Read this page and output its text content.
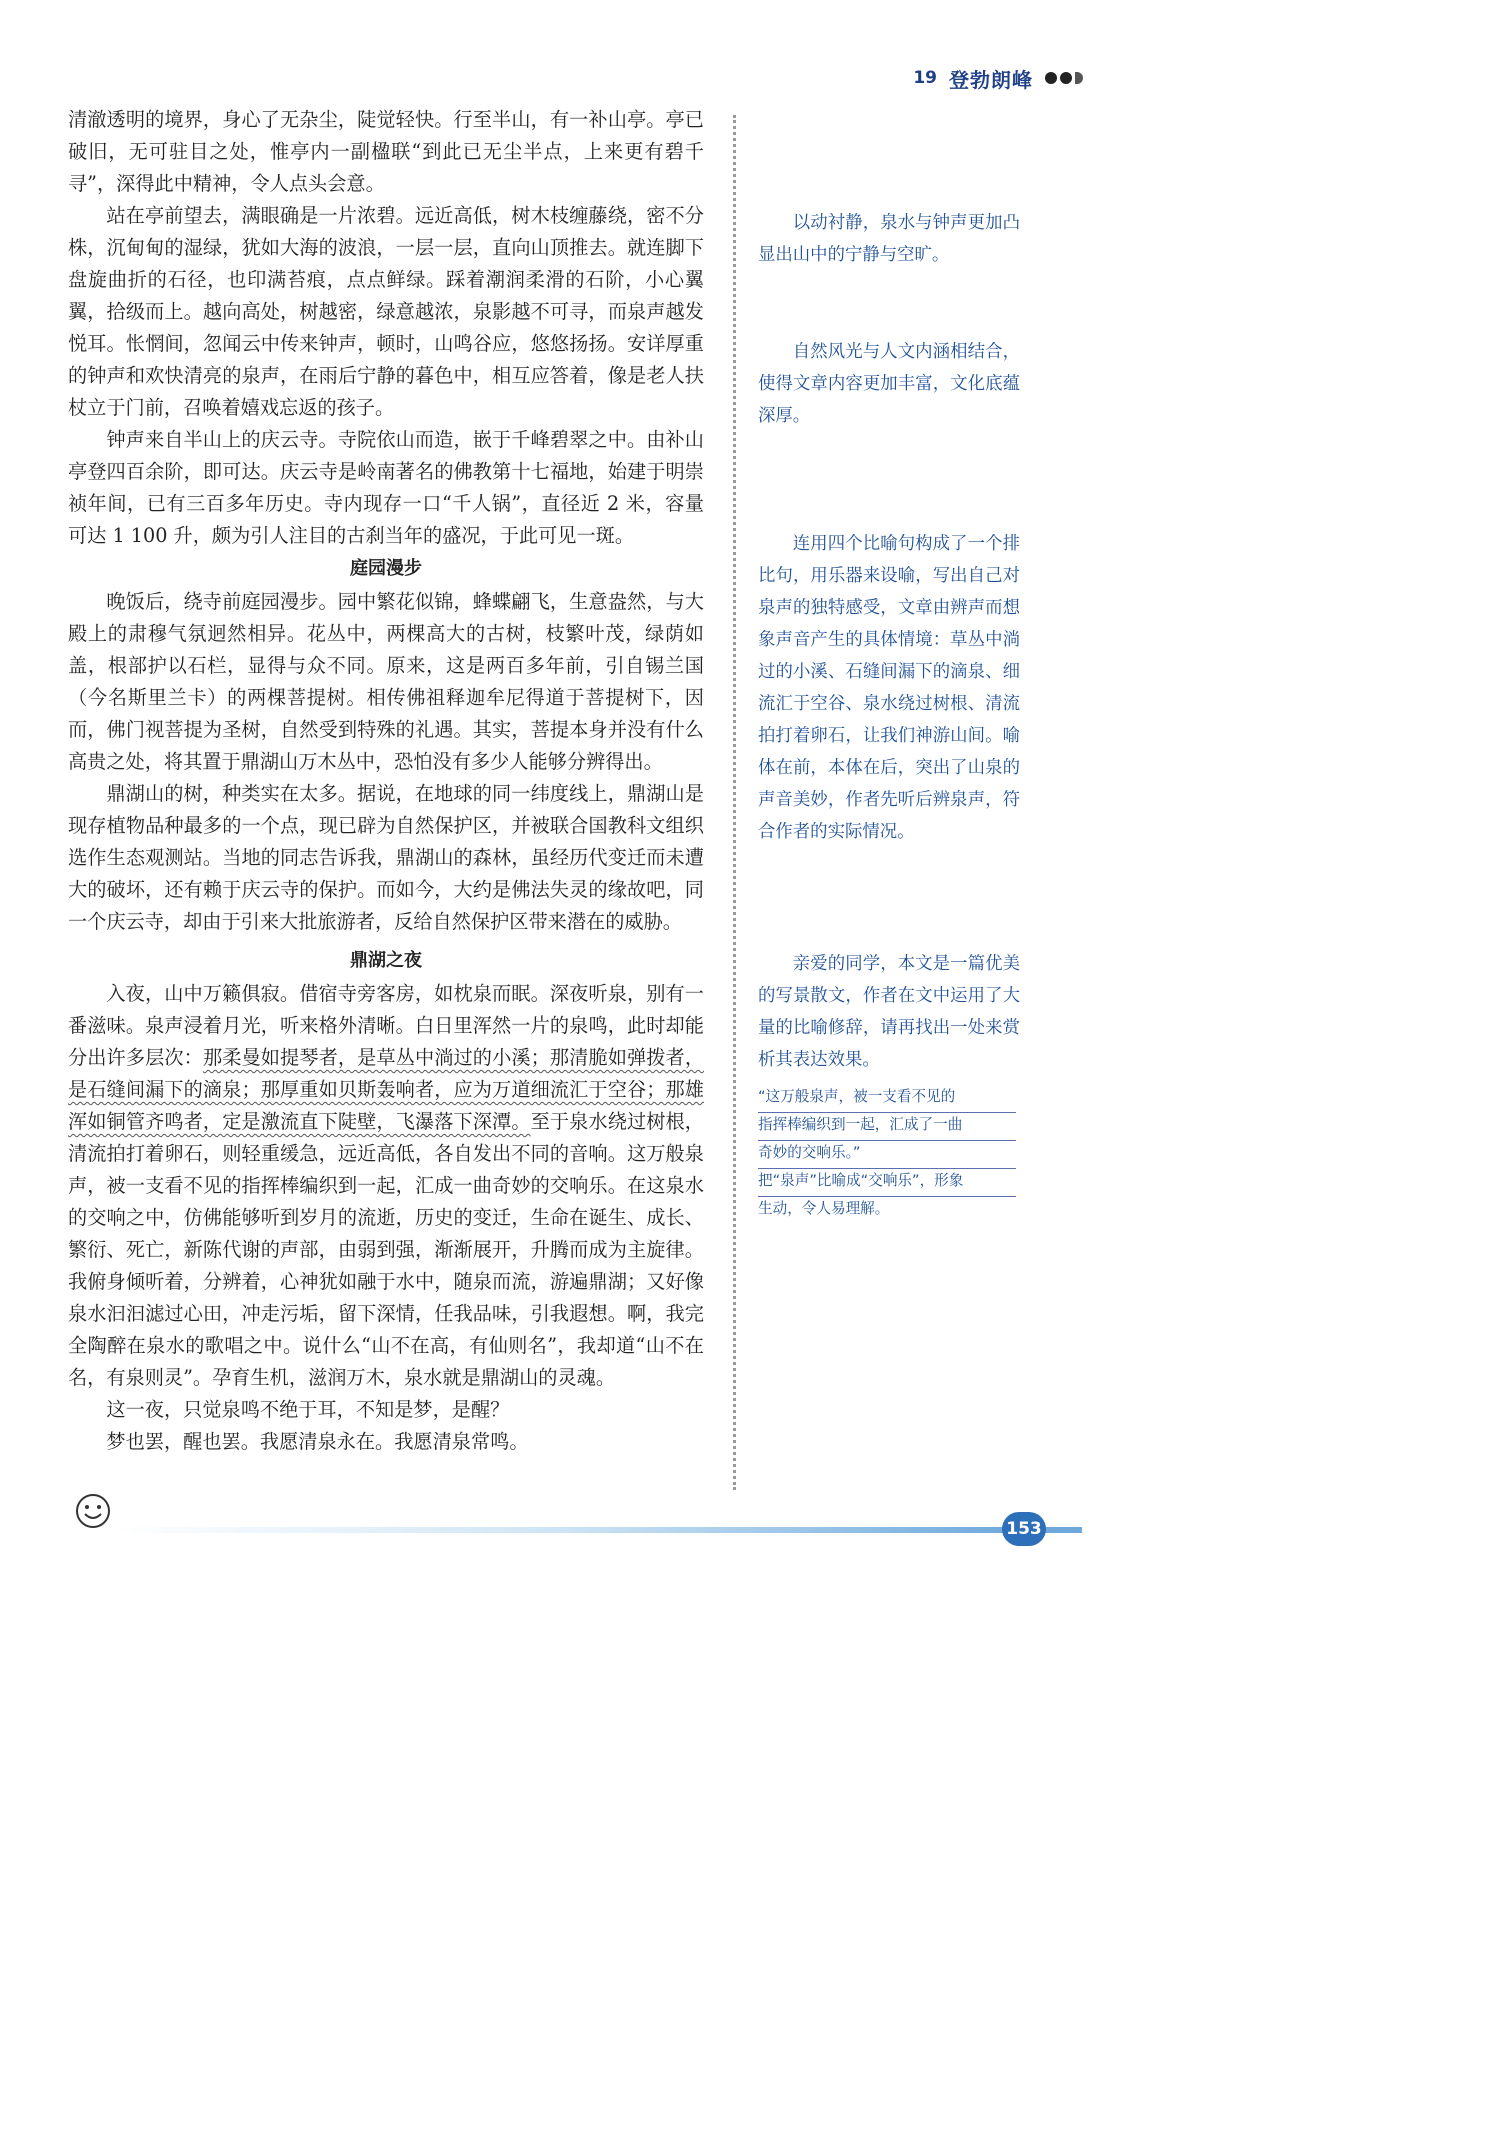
19 登勃朗峰

清澈透明的境界，身心了无杂尘，陡觉轻快。行至半山，有一补山亭。亭已破旧，无可驻目之处，惟亭内一副楹联“到此已无尘半点，上来更有碧千寻”，深得此中精神，令人点头会意。

站在亭前望去，满眼确是一片浓碧。远近高低，树木枝缠藤绕，密不分株，沉甸甸的湿绿，犹如大海的波浪，一层一层，直向山顶推去。就连脚下盘旋曲折的石径，也印满苔痕，点点鲜绿。踩着潮润柔滑的石阶，小心翼翼，拾级而上。越向高处，树越密，绿意越浓，泉影越不可寻，而泉声越发悦耳。怅惘间，忽闻云中传来钟声，顿时，山鸣谷应，悠悠扬扬。安详厚重的钟声和欢快清亮的泉声，在雨后宁静的暮色中，相互应答着，像是老人扶杖立于门前，召唤着嬉戏忘返的孩子。

钟声来自半山上的庆云寺。寺院依山而造，嵌于千峰碧翠之中。由补山亭登四百余阶，即可达。庆云寺是岭南著名的佛教第十七福地，始建于明崇祯年间，已有三百多年历史。寺内现存一口“千人锅”，直径近 2 米，容量可达 1 100 升，颇为引人注目的古刹当年的盛况，于此可见一斑。

庭园漫步

晚饭后，绕寺前庭园漫步。园中繁花似锦，蜂蝶翩飞，生意盎然，与大殿上的肃穆气氛迥然相异。花丛中，两棵高大的古树，枝繁叶茂，绿荫如盖，根部护以石栏，显得与众不同。原来，这是两百多年前，引自锡兰国（今名斯里兰卡）的两棵菩提树。相传佛祖释迦牟尼得道于菩提树下，因而，佛门视菩提为圣树，自然受到特殊的礼遇。其实，菩提本身并没有什么高贵之处，将其置于鼎湖山万木丛中，恐怕没有多少人能够分辨得出。

鼎湖山的树，种类实在太多。据说，在地球的同一纬度线上，鼎湖山是现存植物品种最多的一个点，现已辟为自然保护区，并被联合国教科文组织选作生态观测站。当地的同志告诉我，鼎湖山的森林，虽经历代变迁而未遭大的破坏，还有赖于庆云寺的保护。而如今，大约是佛法失灵的缘故吧，同一个庆云寺，却由于引来大批旅游者，反给自然保护区带来潜在的威胁。

鼎湖之夜

入夜，山中万籁俱寂。借宿寺旁客房，如枕泉而眠。深夜听泉，别有一番滋味。泉声浸着月光，听来格外清晰。白日里浑然一片的泉鸣，此时却能分出许多层次：那柔曼如提琴者，是草丛中淌过的小溪；那清脆如弹拨者，是石缝间漏下的滴泉；那厚重如贝斯轰响者，应为万道细流汇于空谷；那雄浑如铜管齐鸣者，定是激流直下陡壁，飞瀑落下深潭。至于泉水绕过树根，清流拍打着卵石，则轻重缓急，远近高低，各自发出不同的音响。这万般泉声，被一支看不见的指挥棒编织到一起，汇成一曲奇妙的交响乐。在这泉水的交响之中，仿佛能够听到岁月的流逝，历史的变迁，生命在诞生、成长、繁衍、死亡，新陈代谢的声部，由弱到强，渐渐展开，升腾而成为主旋律。我俯身倾听着，分辨着，心神犹如融于水中，随泉而流，游遍鼎湖；又好像泉水汩汩滤过心田，冲走污垢，留下深情，任我品味，引我遐想。啊，我完全陶醉在泉水的歌唱之中。说什么“山不在高，有仙则名”，我却道“山不在名，有泉则灵”。孕育生机，滋润万木，泉水就是鼎湖山的灵魂。

这一夜，只觉泉鸣不绝于耳，不知是梦，是醒？

梦也罢，醒也罢。我愿清泉永在。我愿清泉常鸣。

以动衬静，泉水与钟声更加凸显出山中的宁静与空旷。

自然风光与人文内涵相结合，使得文章内容更加丰富，文化底蕴深厚。

连用四个比喻句构成了一个排比句，用乐器来设喻，写出自己对泉声的独特感受，文章由辨声而想象声音产生的具体情境：草丛中淌过的小溪、石缝间漏下的滴泉、细流汇于空谷、泉水绕过树根、清流拍打着卵石，让我们神游山间。喻体在前，本体在后，突出了山泉的声音美妙，作者先听后辨泉声，符合作者的实际情况。

亲爱的同学，本文是一篇优美的写景散文，作者在文中运用了大量的比喻修辞，请再找出一处来赏析其表达效果。

“这万般泉声，被一支看不见的
指挥棒编织到一起，汇成了一曲
奇妙的交响乐。”
把“泉声”比喻成“交响乐”，形象
生动，令人易理解。
153
